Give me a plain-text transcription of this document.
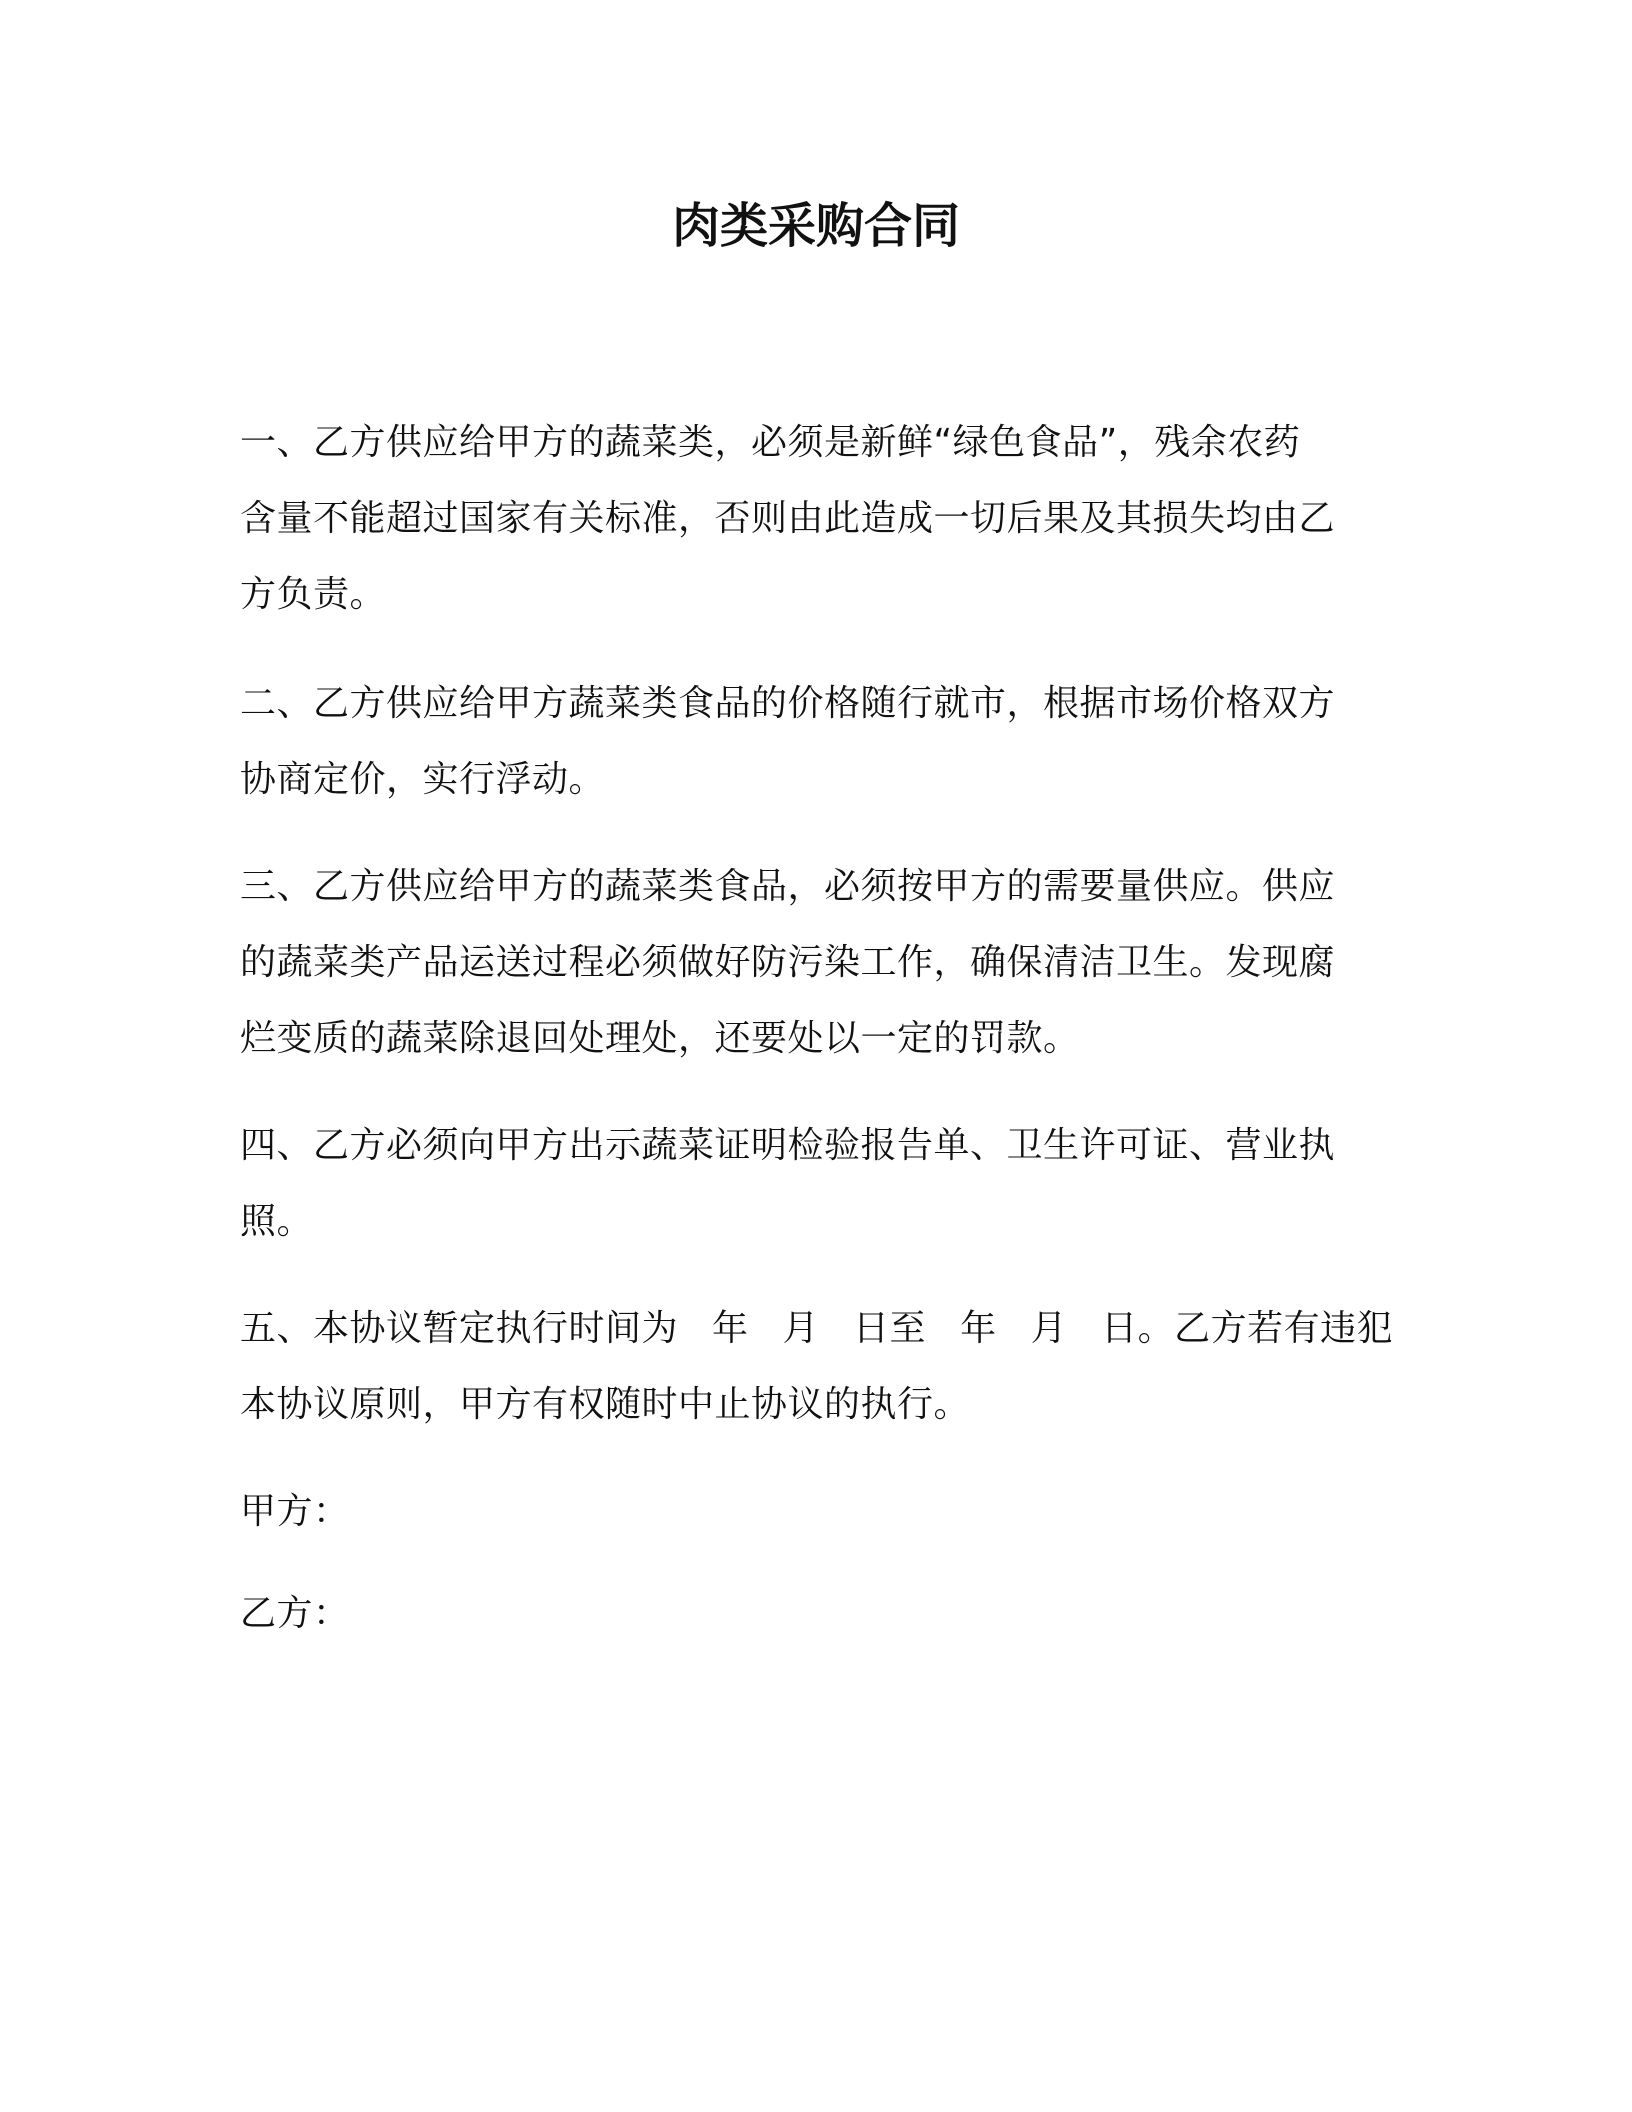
肉类采购合同

一、乙方供应给甲方的蔬菜类，必须是新鲜“绿色食品”，残余农药
含量不能超过国家有关标准，否则由此造成一切后果及其损失均由乙
方负责。

二、乙方供应给甲方蔬菜类食品的价格随行就市，根据市场价格双方
协商定价，实行浮动。

三、乙方供应给甲方的蔬菜类食品，必须按甲方的需要量供应。供应
的蔬菜类产品运送过程必须做好防污染工作，确保清洁卫生。发现腐
烂变质的蔬菜除退回处理处，还要处以一定的罚款。

四、乙方必须向甲方出示蔬菜证明检验报告单、卫生许可证、营业执
照。

五、本协议暂定执行时间为 年 月 日至 年 月 日。乙方若有违犯
本协议原则，甲方有权随时中止协议的执行。

甲方：

乙方：
